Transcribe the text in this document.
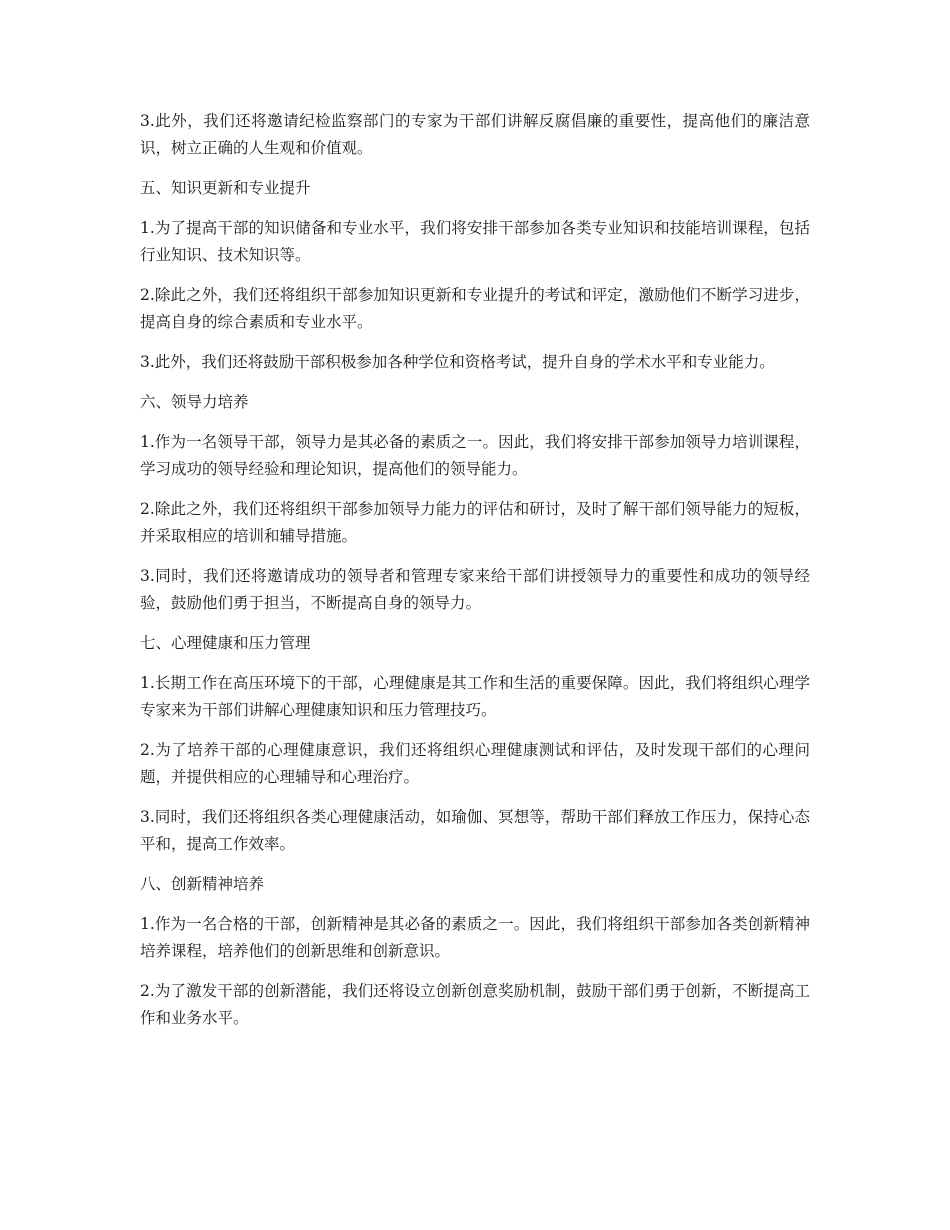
3.此外，我们还将邀请纪检监察部门的专家为干部们讲解反腐倡廉的重要性，提高他们的廉洁意识，树立正确的人生观和价值观。

五、知识更新和专业提升

1.为了提高干部的知识储备和专业水平，我们将安排干部参加各类专业知识和技能培训课程，包括行业知识、技术知识等。

2.除此之外，我们还将组织干部参加知识更新和专业提升的考试和评定，激励他们不断学习进步，提高自身的综合素质和专业水平。

3.此外，我们还将鼓励干部积极参加各种学位和资格考试，提升自身的学术水平和专业能力。

六、领导力培养

1.作为一名领导干部，领导力是其必备的素质之一。因此，我们将安排干部参加领导力培训课程，学习成功的领导经验和理论知识，提高他们的领导能力。

2.除此之外，我们还将组织干部参加领导力能力的评估和研讨，及时了解干部们领导能力的短板，并采取相应的培训和辅导措施。

3.同时，我们还将邀请成功的领导者和管理专家来给干部们讲授领导力的重要性和成功的领导经验，鼓励他们勇于担当，不断提高自身的领导力。

七、心理健康和压力管理

1.长期工作在高压环境下的干部，心理健康是其工作和生活的重要保障。因此，我们将组织心理学专家来为干部们讲解心理健康知识和压力管理技巧。

2.为了培养干部的心理健康意识，我们还将组织心理健康测试和评估，及时发现干部们的心理问题，并提供相应的心理辅导和心理治疗。

3.同时，我们还将组织各类心理健康活动，如瑜伽、冥想等，帮助干部们释放工作压力，保持心态平和，提高工作效率。

八、创新精神培养

1.作为一名合格的干部，创新精神是其必备的素质之一。因此，我们将组织干部参加各类创新精神培养课程，培养他们的创新思维和创新意识。

2.为了激发干部的创新潜能，我们还将设立创新创意奖励机制，鼓励干部们勇于创新，不断提高工作和业务水平。
